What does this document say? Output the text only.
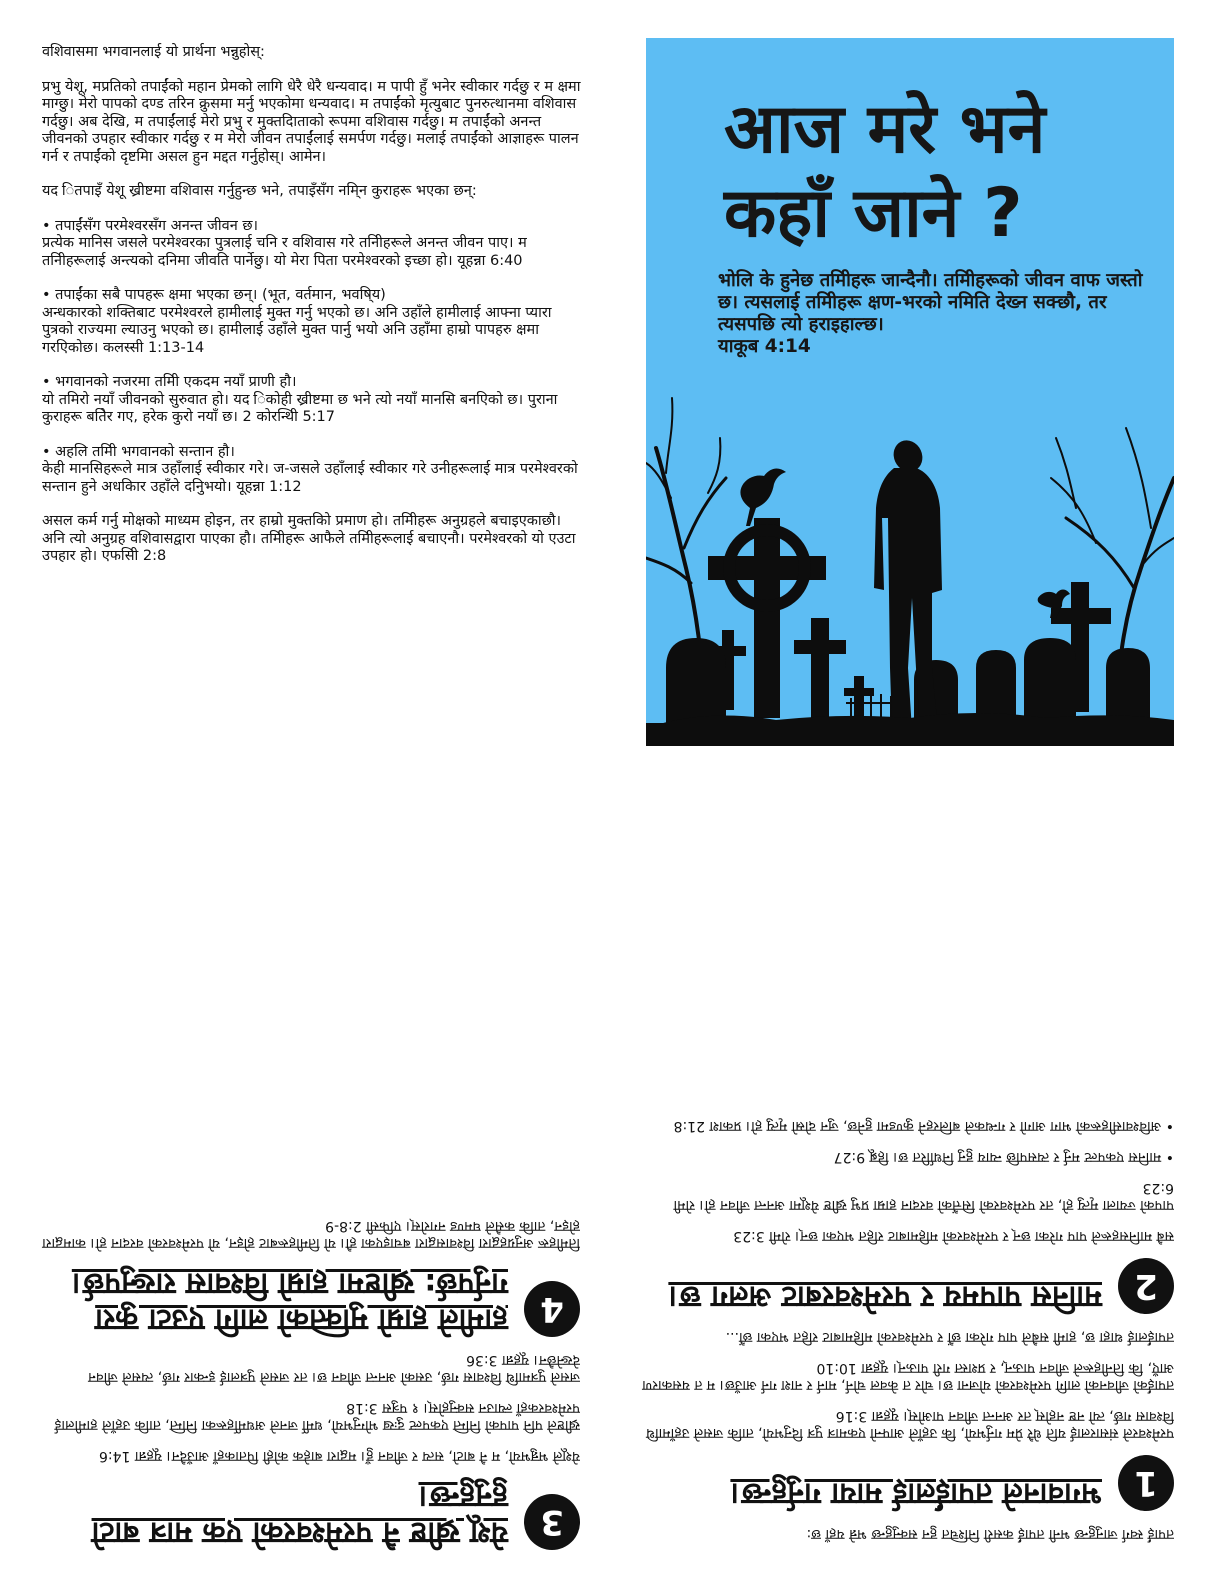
वशिवासमा भगवानलाई यो प्रार्थना भन्नुहोस्:

प्रभु येशू, मप्रतिको तपाईंको महान प्रेमको लागि धेरै धेरै धन्यवाद। म पापी हुँ भनेर स्वीकार गर्दछु र म क्षमा माग्छु। मेरो पापको दण्ड तरिन क्रुसमा मर्नु भएकोमा धन्यवाद। म तपाईंको मृत्युबाट पुनरुत्थानमा वशिवास गर्दछु। अब देखि, म तपाईंलाई मेरो प्रभु र मुक्तदिाताको रूपमा वशिवास गर्दछु। म तपाईंको अनन्त जीवनको उपहार स्वीकार गर्दछु र म मेरो जीवन तपाईंलाई समर्पण गर्दछु। मलाई तपाईंको आज्ञाहरू पालन गर्न र तपाईंको दृष्टमिा असल हुन मद्दत गर्नुहोस्। आमेन।

यद ितपाइँ येशू ख्रीष्टमा वशिवास गर्नुहुन्छ भने, तपाइँसँग नमि्न कुराहरू भएका छन्:

• तपाईंसँग परमेश्वरसँग अनन्त जीवन छ।
प्रत्येक मानिस जसले परमेश्वरका पुत्रलाई चनि र वशिवास गरे तनिीहरूले अनन्त जीवन पाए। म तनिीहरूलाई अन्त्यको दनिमा जीवति पार्नेछु। यो मेरा पिता परमेश्वरको इच्छा हो। यूहन्ना 6:40
• तपाईंका सबै पापहरू क्षमा भएका छन्। (भूत, वर्तमान, भवषि्य)
अन्धकारको शक्तिबाट परमेश्वरले हामीलाई मुक्त गर्नु भएको छ। अनि उहाँले हामीलाई आफ्ना प्यारा पुत्रको राज्यमा ल्याउनु भएको छ। हामीलाई उहाँले मुक्त पार्नु भयो अनि उहाँमा हाम्रो पापहरु क्षमा गरएिकोछ। कलस्सी 1:13-14
• भगवानको नजरमा तमिी एकदम नयाँ प्राणी हौ।
यो तमिरो नयाँ जीवनको सुरुवात हो। यद िकोही ख्रीष्टमा छ भने त्यो नयाँ मानसि बनएिको छ। पुराना कुराहरू बतिेर गए, हरेक कुरो नयाँ छ। 2 कोरन्थिी 5:17
• अहलि तमिी भगवानको सन्तान हौ।
केही मानसिहरूले मात्र उहाँलाई स्वीकार गरे। ज-जसले उहाँलाई स्वीकार गरे उनीहरूलाई मात्र परमेश्वरको सन्तान हुने अधकिार उहाँले दनिुभयो। यूहन्ना 1:12

असल कर्म गर्नु मोक्षको माध्यम होइन, तर हाम्रो मुक्तकिो प्रमाण हो। तमिीहरू अनुग्रहले बचाइएकाछौ। अनि त्यो अनुग्रह वशिवासद्वारा पाएका हौ। तमिीहरू आफैले तमिीहरूलाई बचाएनौ। परमेश्वरको यो एउटा उपहार हो। एफसिी 2:8

आज मरे भने
कहाँ जाने ?
भोलि के हुनेछ तमिीहरू जान्दैनौ। तमिीहरूको जीवन वाफ जस्तो छ। त्यसलाई तमिीहरू क्षण-भरको नमिति देख्न सक्छौ, तर त्यसपछि त्यो हराइहाल्छ।
याकूब 4:14

तपाईं स्वर्ग जानुहुन्छ भनी तपाईं कसरी निश्चित हुन सक्नुहुन्छ भन्ने यहाँ छ:

1
भगवानले तपाईंलाई माया गर्नुहुन्छ।

परमेश्वरले संसारलाई यति धेरै प्रेम गर्नुभयो, कि उहाँले आफ्नो एकमात्र पुत्र दिनुभयो, ताकि जसले उहाँमाथि विश्वास गर्छ, त्यो नष्ट नहोस् तर अनन्त जीवन पाओस्। यूहन्ना 3:16

तपाईंको जीवनको लागि परमेश्वरको योजना छ। चोर त केवल चोर्न, मार्न र नाश गर्न आउँछ। म त यसकारण आएँ, कि तिनीहरूले जीवन पाऊन्, र प्रशस्त गरी पाऊन्। यूहन्ना 10:10

तपाईंलाई थाहा छ, हामी सबैले पाप गरेका छौं र परमेश्वरको महिमाबाट रहित भएका छौं...

2
मानिस पापमय र परमेश्वरबाट अलग छ।

सबै मानिसहरूले पाप गरेका छन् र परमेश्वरको महिमाबाट रहित भएका छन्। रोमी 3:23

पापको ज्याला मृत्यु हो, तर परमेश्वरको सित्तैंको वरदान हाम्रा प्रभु ख्रीष्ट येशूमा अनन्त जीवन हो। रोमी 6:23

• मानिस एकपल्ट मर्नु र त्यसपछि न्याय हुनु निर्धारित छ। हिब्रू 9:27

• अविश्वासीहरूको भाग आगो र गन्धकले बलिरहने कुण्डमा हुनेछ, जुन दोस्रो मृत्यु हो। प्रकाश 21:8

3
येशू ख्रीष्ट नै परमेश्वरको एक मात्र बाटो हुनुहुन्छ।

येशूले भन्नुभयो, म नै बाटो, सत्य र जीवन हुँ। मद्वारा बाहेक कोही पिताकहाँ आउँदैन। यूहन्ना 14:6

ख्रीष्टले पनि पापको निम्ति एकपल्ट दुःख भोग्नुभयो, धर्मी जनले अधर्मीहरूका निम्ति, ताकि उहाँले हामीलाई परमेश्वरकहाँ ल्याउन सक्नुहोस्। १ पत्रुस 3:18

जसले पुत्रमाथि विश्वास गर्छ, उसको अनन्त जीवन छ। तर जसले पुत्रलाई इन्कार गर्छ, त्यसले जीवन देख्नेछैन। यूहन्ना 3:36

4
हामीले हाम्रो मुक्तिको लागि एउटा कुरा गर्नुपर्छ: ख्रीष्टमा हाम्रो विश्वास राख्नुपर्छ।

तिमीहरू अनुग्रहद्वारा विश्वासद्वारा बचाइएका हौ। यो तिमीहरूबाट होइन, यो परमेश्वरको वरदान हो। कामद्वारा होइन, ताकि कसैले घमण्ड नगरोस्। एफिसी 2:8-9
